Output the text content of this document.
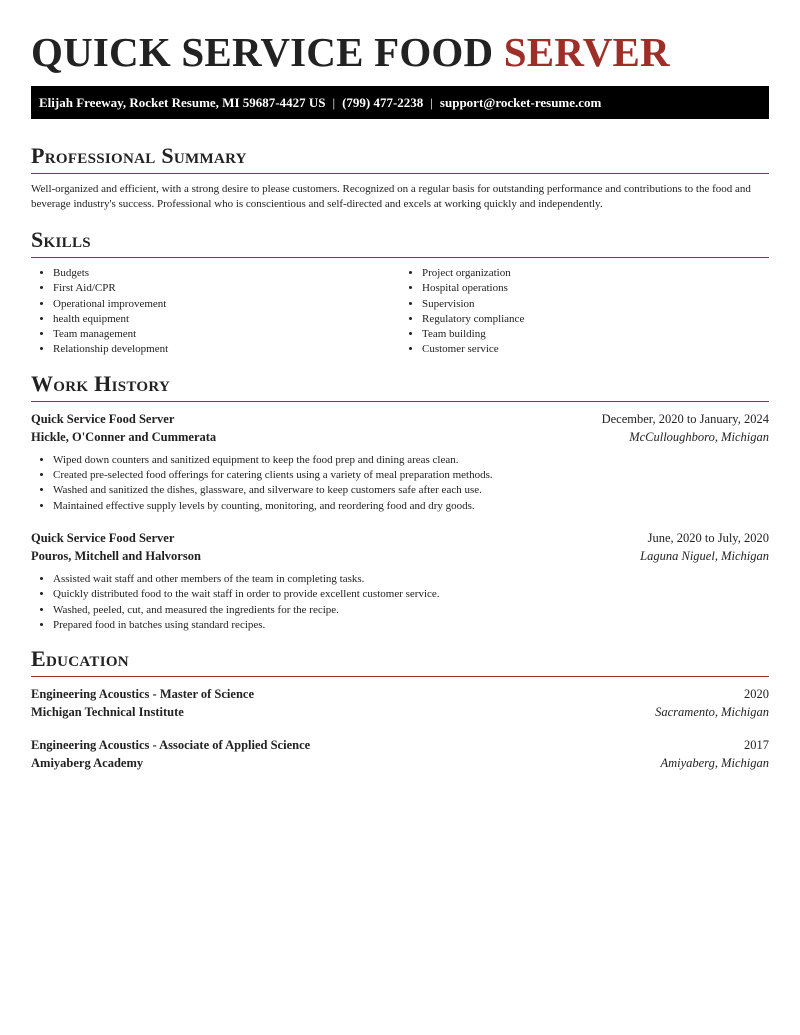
QUICK SERVICE FOOD SERVER
Elijah Freeway, Rocket Resume, MI 59687-4427 US | (799) 477-2238 | support@rocket-resume.com
Professional Summary

Well-organized and efficient, with a strong desire to please customers. Recognized on a regular basis for outstanding performance and contributions to the food and beverage industry's success. Professional who is conscientious and self-directed and excels at working quickly and independently.

Skills
• Budgets
• First Aid/CPR
• Operational improvement
• health equipment
• Team management
• Relationship development
• Project organization
• Hospital operations
• Supervision
• Regulatory compliance
• Team building
• Customer service
Work History
Quick Service Food Server	December, 2020 to January, 2024
Hickle, O'Conner and Cummerata	McCulloughboro, Michigan
• Wiped down counters and sanitized equipment to keep the food prep and dining areas clean.
• Created pre-selected food offerings for catering clients using a variety of meal preparation methods.
• Washed and sanitized the dishes, glassware, and silverware to keep customers safe after each use.
• Maintained effective supply levels by counting, monitoring, and reordering food and dry goods.
Quick Service Food Server	June, 2020 to July, 2020
Pouros, Mitchell and Halvorson	Laguna Niguel, Michigan
• Assisted wait staff and other members of the team in completing tasks.
• Quickly distributed food to the wait staff in order to provide excellent customer service.
• Washed, peeled, cut, and measured the ingredients for the recipe.
• Prepared food in batches using standard recipes.
Education
Engineering Acoustics - Master of Science	2020
Michigan Technical Institute	Sacramento, Michigan
Engineering Acoustics - Associate of Applied Science	2017
Amiyaberg Academy	Amiyaberg, Michigan
